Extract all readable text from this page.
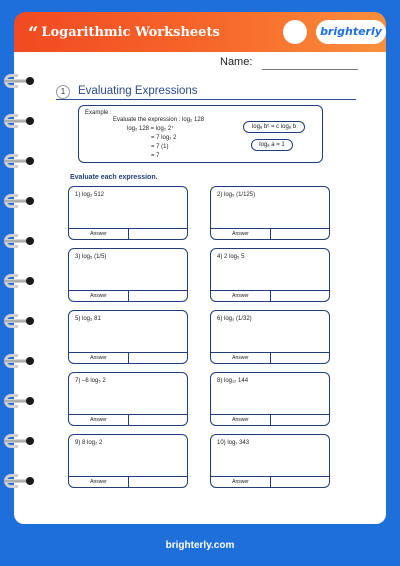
“ Logarithmic Worksheets	brighterly
Name:
1	Evaluating Expressions
Example :
Evaluate the expression : log₂ 128
log₂ 128 = log₂ 2⁷
= 7 log₂ 2
= 7 (1)
= 7
logₐ bᶜ = c logₐ b
logₐ a = 1
Evaluate each expression.
1) log₂ 512
Answer
2) log₅ (1/125)
Answer
3) log₅ (1/5)
Answer
4) 2 log₅ 5
Answer
5) log₃ 81
Answer
6) log₂ (1/32)
Answer
7) –6 log₅ 2
Answer
8) log₁₂ 144
Answer
9) 8 log₂ 2
Answer
10) log₇ 343
Answer
brighterly.com
